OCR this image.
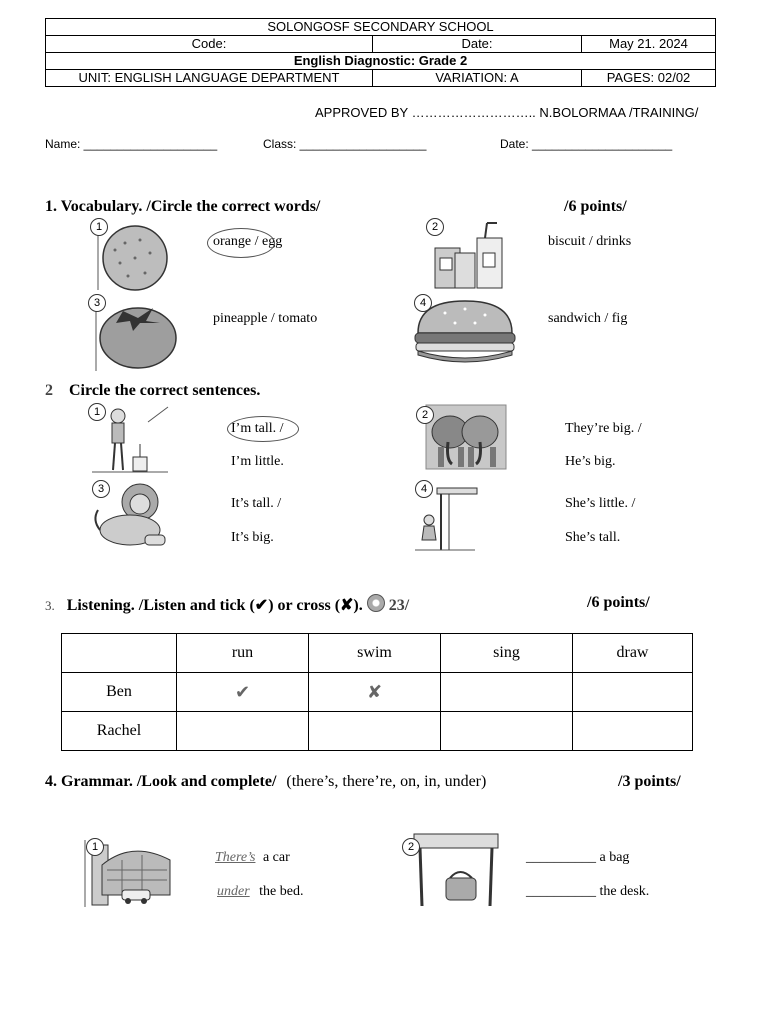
SOLONGOSF SECONDARY SCHOOL		
Code:	Date:	May 21. 2024
English Diagnostic: Grade 2		
UNIT: ENGLISH LANGUAGE DEPARTMENT	VARIATION: A	PAGES: 02/02
APPROVED BY ……………………….. N.BOLORMAA /TRAINING/
Name: ____________________	Class: ___________________	Date: _____________________
1. Vocabulary. /Circle the correct words/	/6 points/
1
orange / egg
2
biscuit / drinks
3
pineapple / tomato
4
sandwich / fig
2 Circle the correct sentences.
1
I’m tall. /
I’m little.
2
They’re big. /
He’s big.
3
It’s tall. /
It’s big.
4
She’s little. /
She’s tall.
3. Listening. /Listen and tick (✔) or cross (✘). 23/	/6 points/
	run	swim	sing	draw
Ben	✔	✘		
Rachel				
4. Grammar. /Look and complete/ (there’s, there’re, on, in, under)	/3 points/
1
There’s a car
under the bed.
2
__________ a bag
__________ the desk.
